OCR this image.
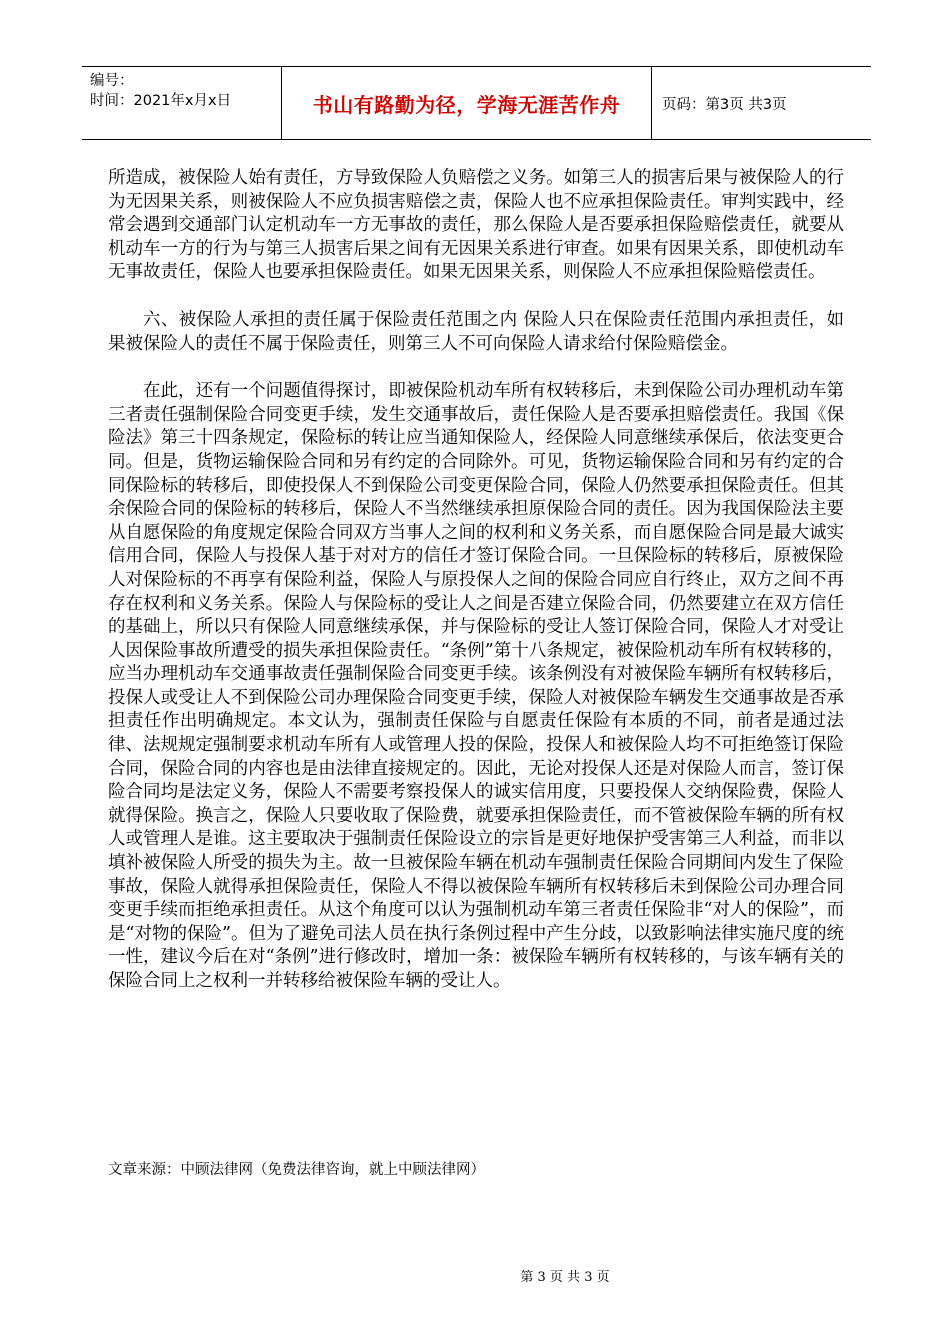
编号：
时间：2021年x月x日	书山有路勤为径，学海无涯苦作舟	页码：第3页 共3页

所造成，被保险人始有责任，方导致保险人负赔偿之义务。如第三人的损害后果与被保险人的行为无因果关系，则被保险人不应负损害赔偿之责，保险人也不应承担保险责任。审判实践中，经常会遇到交通部门认定机动车一方无事故的责任，那么保险人是否要承担保险赔偿责任，就要从机动车一方的行为与第三人损害后果之间有无因果关系进行审查。如果有因果关系，即使机动车无事故责任，保险人也要承担保险责任。如果无因果关系，则保险人不应承担保险赔偿责任。

六、被保险人承担的责任属于保险责任范围之内 保险人只在保险责任范围内承担责任，如果被保险人的责任不属于保险责任，则第三人不可向保险人请求给付保险赔偿金。

在此，还有一个问题值得探讨，即被保险机动车所有权转移后，未到保险公司办理机动车第三者责任强制保险合同变更手续，发生交通事故后，责任保险人是否要承担赔偿责任。我国《保险法》第三十四条规定，保险标的转让应当通知保险人，经保险人同意继续承保后，依法变更合同。但是，货物运输保险合同和另有约定的合同除外。可见，货物运输保险合同和另有约定的合同保险标的转移后，即使投保人不到保险公司变更保险合同，保险人仍然要承担保险责任。但其余保险合同的保险标的转移后，保险人不当然继续承担原保险合同的责任。因为我国保险法主要从自愿保险的角度规定保险合同双方当事人之间的权利和义务关系，而自愿保险合同是最大诚实信用合同，保险人与投保人基于对对方的信任才签订保险合同。一旦保险标的转移后，原被保险人对保险标的不再享有保险利益，保险人与原投保人之间的保险合同应自行终止，双方之间不再存在权利和义务关系。保险人与保险标的受让人之间是否建立保险合同，仍然要建立在双方信任的基础上，所以只有保险人同意继续承保，并与保险标的受让人签订保险合同，保险人才对受让人因保险事故所遭受的损失承担保险责任。“条例”第十八条规定，被保险机动车所有权转移的，应当办理机动车交通事故责任强制保险合同变更手续。该条例没有对被保险车辆所有权转移后，投保人或受让人不到保险公司办理保险合同变更手续，保险人对被保险车辆发生交通事故是否承担责任作出明确规定。本文认为，强制责任保险与自愿责任保险有本质的不同，前者是通过法律、法规规定强制要求机动车所有人或管理人投的保险，投保人和被保险人均不可拒绝签订保险合同，保险合同的内容也是由法律直接规定的。因此，无论对投保人还是对保险人而言，签订保险合同均是法定义务，保险人不需要考察投保人的诚实信用度，只要投保人交纳保险费，保险人就得保险。换言之，保险人只要收取了保险费，就要承担保险责任，而不管被保险车辆的所有权人或管理人是谁。这主要取决于强制责任保险设立的宗旨是更好地保护受害第三人利益，而非以填补被保险人所受的损失为主。故一旦被保险车辆在机动车强制责任保险合同期间内发生了保险事故，保险人就得承担保险责任，保险人不得以被保险车辆所有权转移后未到保险公司办理合同变更手续而拒绝承担责任。从这个角度可以认为强制机动车第三者责任保险非“对人的保险”，而是“对物的保险”。但为了避免司法人员在执行条例过程中产生分歧，以致影响法律实施尺度的统一性，建议今后在对“条例”进行修改时，增加一条：被保险车辆所有权转移的，与该车辆有关的保险合同上之权利一并转移给被保险车辆的受让人。

文章来源：中顾法律网（免费法律咨询，就上中顾法律网）
第 3 页 共 3 页
